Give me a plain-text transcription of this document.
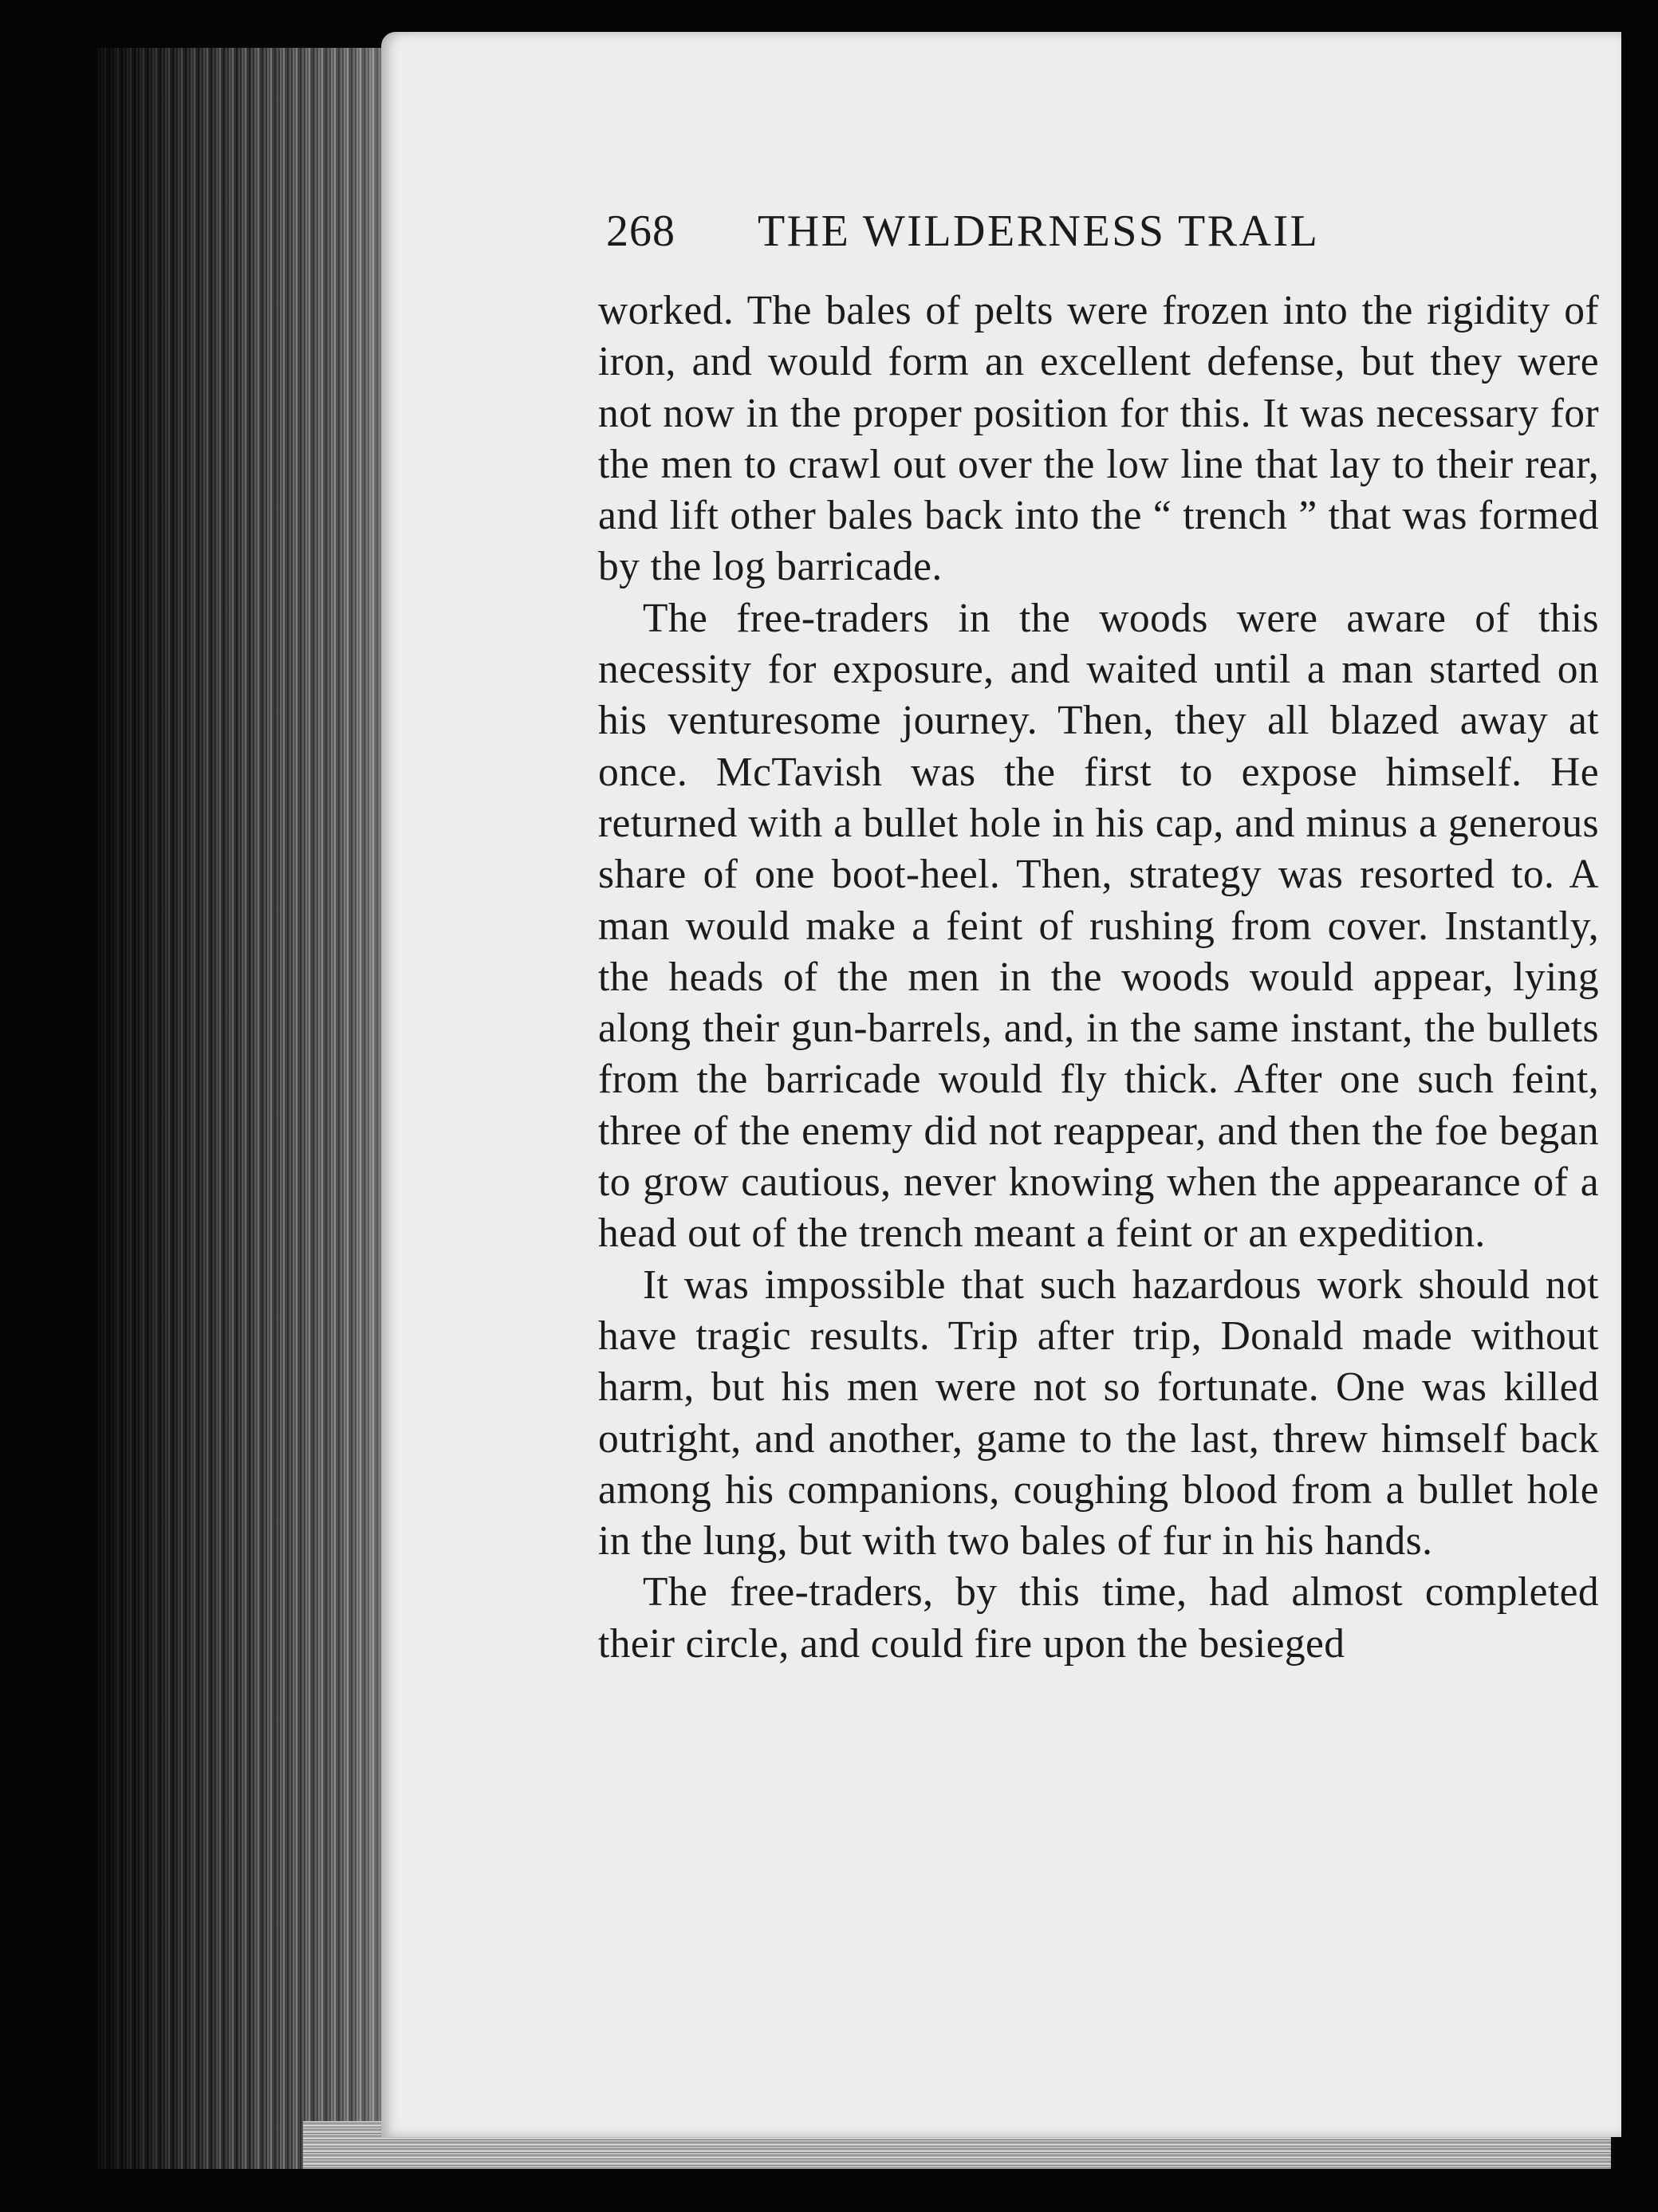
268	THE WILDERNESS TRAIL

worked. The bales of pelts were frozen into the rigidity of iron, and would form an excellent defense, but they were not now in the proper position for this. It was necessary for the men to crawl out over the low line that lay to their rear, and lift other bales back into the “ trench ” that was formed by the log barricade.

The free-traders in the woods were aware of this necessity for exposure, and waited until a man started on his venturesome journey. Then, they all blazed away at once. McTavish was the first to expose himself. He returned with a bullet hole in his cap, and minus a generous share of one boot-heel. Then, strategy was resorted to. A man would make a feint of rushing from cover. Instantly, the heads of the men in the woods would appear, lying along their gun-barrels, and, in the same instant, the bullets from the barricade would fly thick. After one such feint, three of the enemy did not reappear, and then the foe began to grow cautious, never knowing when the appearance of a head out of the trench meant a feint or an expedition.

It was impossible that such hazardous work should not have tragic results. Trip after trip, Donald made without harm, but his men were not so fortunate. One was killed outright, and another, game to the last, threw himself back among his companions, coughing blood from a bullet hole in the lung, but with two bales of fur in his hands.

The free-traders, by this time, had almost completed their circle, and could fire upon the besieged
